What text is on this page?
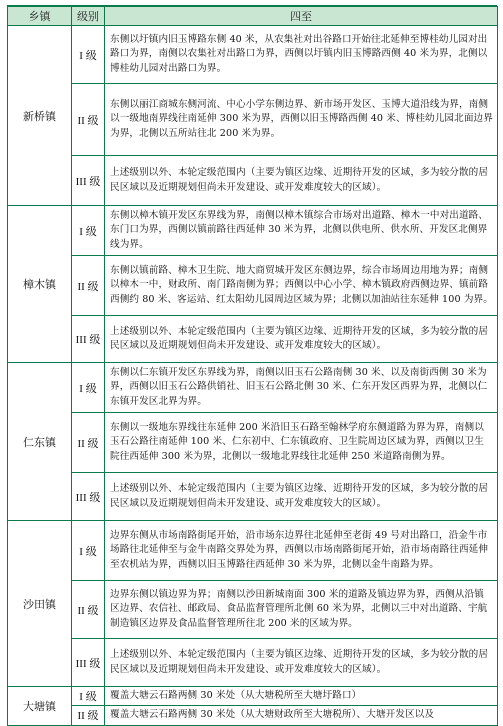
乡镇	级别	四至
新桥镇	I 级	东侧以圩镇内旧玉博路东侧 40 米，从农集社对出谷路口开始往北延伸至博桂幼儿园对出路口为界，南侧以农集社对出路口为界，西侧以圩镇内旧玉博路西侧 40 米为界，北侧以博桂幼儿园对出路口为界。
	II 级	东侧以丽江商城东侧河流、中心小学东侧边界、新市场开发区、玉博大道沿线为界，南侧以一级地南界线往南延伸 300 米为界，西侧以旧玉博路西侧 40 米、博桂幼儿园北面边界为界，北侧以五所站往北 200 米为界。
	III 级	上述级别以外、本轮定级范围内（主要为镇区边缘、近期待开发的区域，多为较分散的居民区域以及近期规划但尚未开发建设、或开发难度较大的区域）。
樟木镇	I 级	东侧以樟木镇开发区东界线为界，南侧以樟木镇综合市场对出道路、樟木一中对出道路、东门口为界，西侧以镇前路往西延伸 30 米为界，北侧以供电所、供水所、开发区北侧界线为界。
	II 级	东侧以镇前路、樟木卫生院、地大商贸城开发区东侧边界，综合市场周边用地为界；南侧以樟木一中，财政所、南门路南侧为界；西侧以中心小学、樟木镇政府西侧边界、镇前路西侧约 80 米、客运站、红太阳幼儿园周边区域为界；北侧以加油站往东延伸 100 为界。
	III 级	上述级别以外、本轮定级范围内（主要为镇区边缘、近期待开发的区域，多为较分散的居民区域以及近期规划但尚未开发建设、或开发难度较大的区域）。
仁东镇	I 级	东侧以仁东镇开发区东界线为界，南侧以旧玉石公路南侧 30 米、以及南街西侧 30 米为界，西侧以旧玉石公路供销社、旧玉石公路北侧 30 米、仁东开发区西界为界，北侧以仁东镇开发区北界为界。
	II 级	东侧以一级地东界线往东延伸 200 米沿旧玉石路至翰林学府东侧道路为界为界，南侧以玉石公路往南延伸 100 米、仁东初中、仁东镇政府、卫生院周边区域为界，西侧以卫生院往西延伸 300 米为界，北侧以一级地北界线往北延伸 250 米道路南侧为界。
	III 级	上述级别以外、本轮定级范围内（主要为镇区边缘、近期待开发的区域，多为较分散的居民区域以及近期规划但尚未开发建设、或开发难度较大的区域）。
沙田镇	I 级	边界东侧从市场南路街尾开始，沿市场东边界往北延伸至老街 49 号对出路口，沿金牛市场路往北延伸至与金牛南路交界处为界，西侧以市场南路街尾开始，沿市场南路往西延伸至农机站为界，西侧以旧玉博路往西延伸 30 米为界，北侧以金牛南路为界。
	II 级	边界东侧以镇边界为界；南侧以沙田新城南面 300 米的道路及镇边界为界，西侧从沿镇区边界、农信社、邮政局、食品监督管理所北侧 60 米为界，北侧以三中对出道路、宇航制造镇区边界及食品监督管理所往北 200 米的区域为界。
	III 级	上述级别以外、本轮定级范围内（主要为镇区边缘、近期待开发的区域，多为较分散的居民区域以及近期规划但尚未开发建设、或开发难度较大的区域）。
大塘镇	I 级	覆盖大塘云石路两侧 30 米处（从大塘税所至大塘圩路口）
	II 级	覆盖大塘云石路两侧 30 米处（从大塘财政所至大塘税所）、大塘开发区以及
